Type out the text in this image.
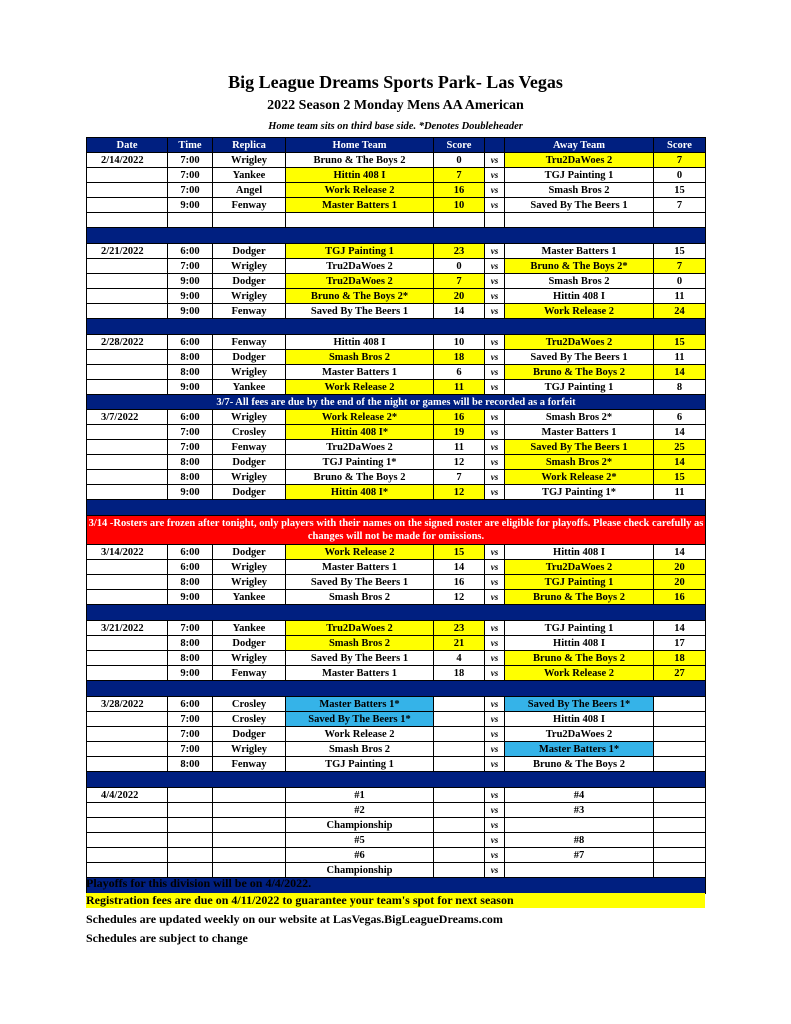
Big League Dreams Sports Park- Las Vegas
2022 Season 2 Monday Mens AA American
Home team sits on third base side. *Denotes Doubleheader
Date	Time	Replica	Home Team	Score		Away Team	Score
2/14/2022	7:00	Wrigley	Bruno & The Boys 2	0	vs	Tru2DaWoes 2	7
	7:00	Yankee	Hittin 408 I	7	vs	TGJ Painting 1	0
	7:00	Angel	Work Release 2	16	vs	Smash Bros 2	15
	9:00	Fenway	Master Batters 1	10	vs	Saved By The Beers 1	7

2/21/2022	6:00	Dodger	TGJ Painting 1	23	vs	Master Batters 1	15
	7:00	Wrigley	Tru2DaWoes 2	0	vs	Bruno & The Boys 2*	7
	9:00	Dodger	Tru2DaWoes 2	7	vs	Smash Bros 2	0
	9:00	Wrigley	Bruno & The Boys 2*	20	vs	Hittin 408 I	11
	9:00	Fenway	Saved By The Beers 1	14	vs	Work Release 2	24

2/28/2022	6:00	Fenway	Hittin 408 I	10	vs	Tru2DaWoes 2	15
	8:00	Dodger	Smash Bros 2	18	vs	Saved By The Beers 1	11
	8:00	Wrigley	Master Batters 1	6	vs	Bruno & The Boys 2	14
	9:00	Yankee	Work Release 2	11	vs	TGJ Painting 1	8
3/7- All fees are due by the end of the night or games will be recorded as a forfeit							
3/7/2022	6:00	Wrigley	Work Release 2*	16	vs	Smash Bros 2*	6
	7:00	Crosley	Hittin 408 I*	19	vs	Master Batters 1	14
	7:00	Fenway	Tru2DaWoes 2	11	vs	Saved By The Beers 1	25
	8:00	Dodger	TGJ Painting 1*	12	vs	Smash Bros 2*	14
	8:00	Wrigley	Bruno & The Boys 2	7	vs	Work Release 2*	15
	9:00	Dodger	Hittin 408 I*	12	vs	TGJ Painting 1*	11

3/14 -Rosters are frozen after tonight, only players with their names on the signed roster are eligible for playoffs. Please check carefully as changes will not be made for omissions.							
3/14/2022	6:00	Dodger	Work Release 2	15	vs	Hittin 408 I	14
	6:00	Wrigley	Master Batters 1	14	vs	Tru2DaWoes 2	20
	8:00	Wrigley	Saved By The Beers 1	16	vs	TGJ Painting 1	20
	9:00	Yankee	Smash Bros 2	12	vs	Bruno & The Boys 2	16

3/21/2022	7:00	Yankee	Tru2DaWoes 2	23	vs	TGJ Painting 1	14
	8:00	Dodger	Smash Bros 2	21	vs	Hittin 408 I	17
	8:00	Wrigley	Saved By The Beers 1	4	vs	Bruno & The Boys 2	18
	9:00	Fenway	Master Batters 1	18	vs	Work Release 2	27

3/28/2022	6:00	Crosley	Master Batters 1*		vs	Saved By The Beers 1*	
	7:00	Crosley	Saved By The Beers 1*		vs	Hittin 408 I	
	7:00	Dodger	Work Release 2		vs	Tru2DaWoes 2	
	7:00	Wrigley	Smash Bros 2		vs	Master Batters 1*	
	8:00	Fenway	TGJ Painting 1		vs	Bruno & The Boys 2	

4/4/2022			#1		vs	#4	
			#2		vs	#3	
			Championship		vs		
			#5		vs	#8	
			#6		vs	#7	
			Championship		vs		

Playoffs for this division will be on 4/4/2022.
Registration fees are due on 4/11/2022 to guarantee your team's spot for next season
Schedules are updated weekly on our website at LasVegas.BigLeagueDreams.com
Schedules are subject to change
